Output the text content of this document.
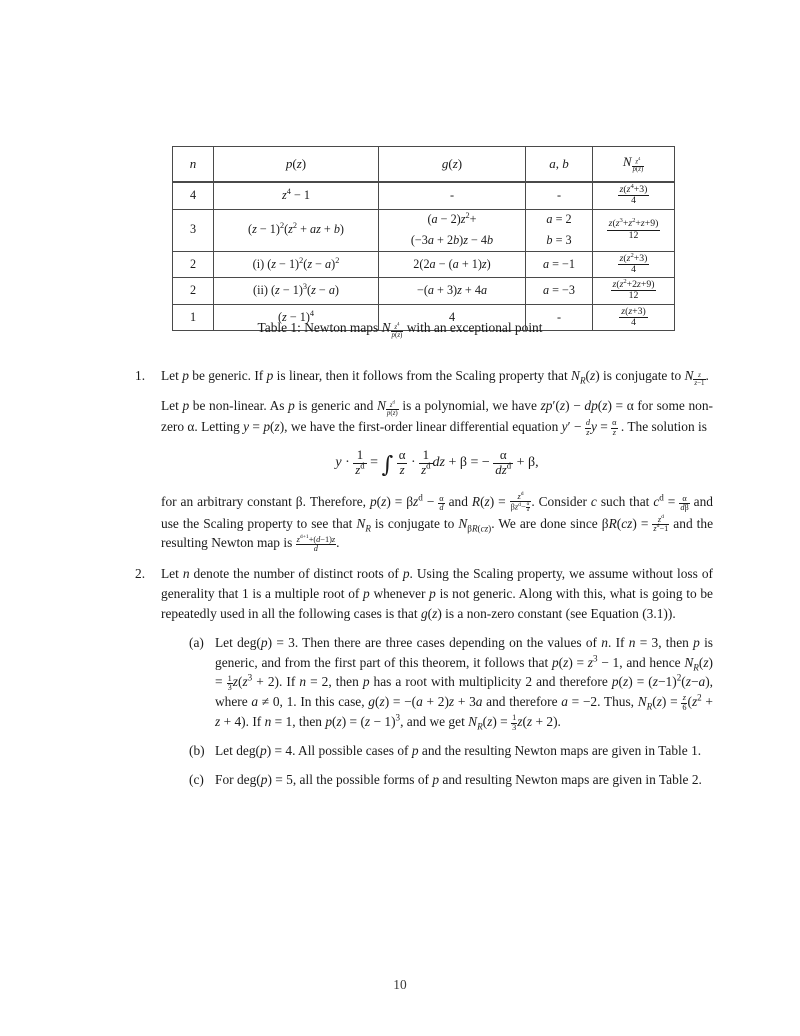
n	p(z)	g(z)	a, b	N $\frac{z^4}{p(z)}$

4	$z^4 - 1$	-	-	$\frac{z(z^4+3)}{4}$

3	$(z - 1)^2(z^2$ + az + b)	$(a - 2)z^2+$	a = 2	$\frac{z(z^3+z^2+z+9)}{12}$

		(−3a + 2b)z − 4b	b = 3	
2	(i) $(z - 1)^2(z - a)^2$	2(2a − (a + 1)z)	a = −1	$\frac{z(z^2+3)}{4}$

2	(ii) $(z - 1)^3(z - a)$	−(a + 3)z + 4a	a = −3	$\frac{z(z^2+2z+9)}{12}$

1	$(z - 1)^4$	4	-	$\frac{z(z+3)}{4}$
Table 1: Newton maps N $\frac{z^4}{p(z)}$ with an exceptional point
1.	Let p be generic. If p is linear, then it follows from the Scaling property that $N_R(z)$ is conjugate to N $\frac{z}{z-1}$ .

Let p be non-linear. As p is generic and N $\frac{z^d}{p(z)}$ is a polynomial, we have zp′(z) − dp(z) = α for some non-zero α. Letting y = p(z), we have the first-order linear differential equation $y' - \frac{d}{z}$ $y = \frac{\alpha}{z}$ . The solution is

$y \cdot \frac{1}{z^d}$ = ∫ $\frac{\alpha}{z} \cdot \frac{1}{z^d}$ dz + β = − $\frac{\alpha}{dz^d} + \beta$,

for an arbitrary constant β. Therefore, $p(z) = \beta z^d - \frac{\alpha}{d}$ and $R(z) = \frac{z^d}{\beta z^d- \frac{\alpha}{d}}$ . Consider c such that $c^d = \frac{\alpha}{d\beta}$ and use the Scaling property to see that $N_R$ is conjugate to $N_{\beta R(cz)}$. We are done since $\beta R(cz) = \frac{z^d}{z^d-1}$ and the resulting Newton map is $\frac{z^{d+1}+(d-1)z}{d}$ .

2.	Let n denote the number of distinct roots of p. Using the Scaling property, we assume without loss of generality that 1 is a multiple root of p whenever p is not generic. Along with this, what is going to be repeatedly used in all the following cases is that g(z) is a non-zero constant (see Equation (3.1)).

(a) Let deg(p) = 3. Then there are three cases depending on the values of n. If n = 3, then p is generic, and from the first part of this theorem, it follows that $p(z) = z^3 - 1$, and hence $N_R(z) = \frac{1}{3} z(z^3 + 2)$. If n = 2, then p has a root with multiplicity 2 and therefore $p(z) = (z-1)^2(z-a)$, where a ≠ 0, 1. In this case, g(z) = −(a + 2)z + 3a and therefore a = −2. Thus, $N_R(z) = \frac{z}{6} (z^2 + z + 4)$. If n = 1, then $p(z) = (z - 1)^3$, and we get $N_R(z) = \frac{1}{3} z(z + 2)$.

(b) Let deg(p) = 4. All possible cases of p and the resulting Newton maps are given in Table 1.

(c) For deg(p) = 5, all the possible forms of p and resulting Newton maps are given in Table 2.

10
